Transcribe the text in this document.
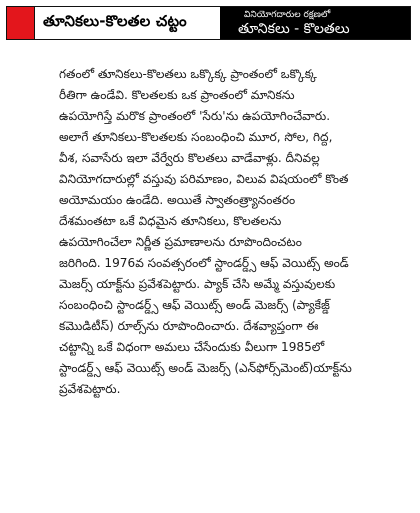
తూనికలు-కొలతల చట్టం	వినియోగదారుల రక్షణలో
తూనికలు - కొలతలు
గతంలో తూనికలు-కొలతలు ఒక్కొక్క ప్రాంతంలో ఒక్కొక్క
రీతిగా ఉండేవి. కొలతలకు ఒక ప్రాంతంలో మానికను
ఉపయోగిస్తే మరొక ప్రాంతంలో 'సేరు'ను ఉపయోగించేవారు.
అలాగే తూనికలు-కొలతలకు సంబంధించి మూర, సోల, గిద్ద,
వీశ, సవాసేరు ఇలా వేర్వేరు కొలతలు వాడేవాళ్లు. దీనివల్ల
వినియోగదారుల్లో వస్తువు పరిమాణం, విలువ విషయంలో కొంత
అయోమయం ఉండేది. అయితే స్వాతంత్ర్యానంతరం
దేశమంతటా ఒకే విధమైన తూనికలు, కొలతలను
ఉపయోగించేలా నిర్ణీత ప్రమాణాలను రూపొందించటం
జరిగింది. 1976వ సంవత్సరంలో స్టాండర్డ్స్ ఆఫ్ వెయిట్స్ అండ్
మెజర్స్ యాక్ట్‌ను ప్రవేశపెట్టారు. ప్యాక్ చేసి అమ్మే వస్తువులకు
సంబంధించి స్టాండర్డ్స్ ఆఫ్ వెయిట్స్ అండ్ మెజర్స్ (ప్యాకేజ్డ్
కమొడిటీస్) రూల్స్‌ను రూపొందించారు. దేశవ్యాప్తంగా ఈ
చట్టాన్ని ఒకే విధంగా అమలు చేసేందుకు వీలుగా 1985లో
స్టాండర్డ్స్ ఆఫ్ వెయిట్స్ అండ్ మెజర్స్ (ఎన్‌ఫోర్స్‌మెంట్)యాక్ట్‌ను
ప్రవేశపెట్టారు.
